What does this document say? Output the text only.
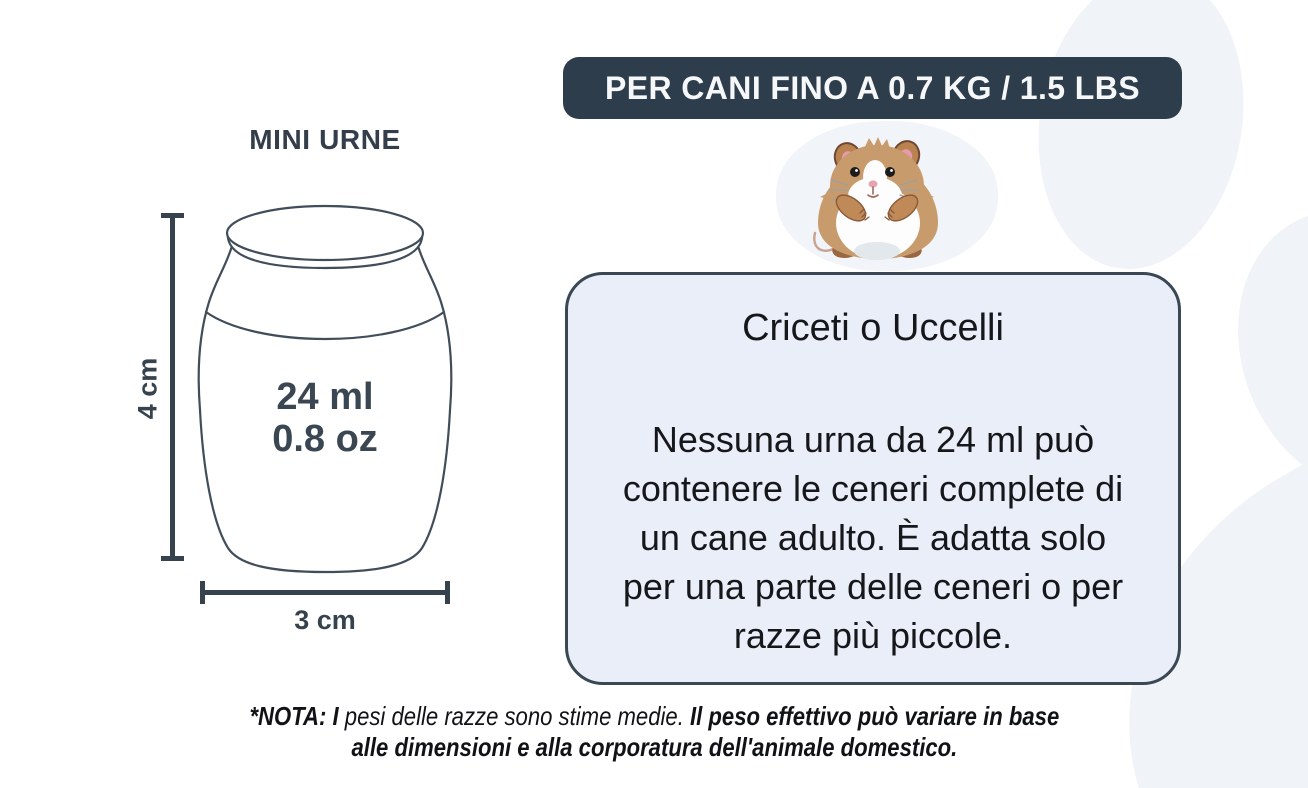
PER CANI FINO A 0.7 KG / 1.5 LBS
MINI URNE
24 ml
0.8 oz
4 cm
3 cm
Criceti o Uccelli
Nessuna urna da 24 ml può
contenere le ceneri complete di
un cane adulto. È adatta solo
per una parte delle ceneri o per
razze più piccole.
*NOTA: I pesi delle razze sono stime medie. Il peso effettivo può variare in base
alle dimensioni e alla corporatura dell'animale domestico.
